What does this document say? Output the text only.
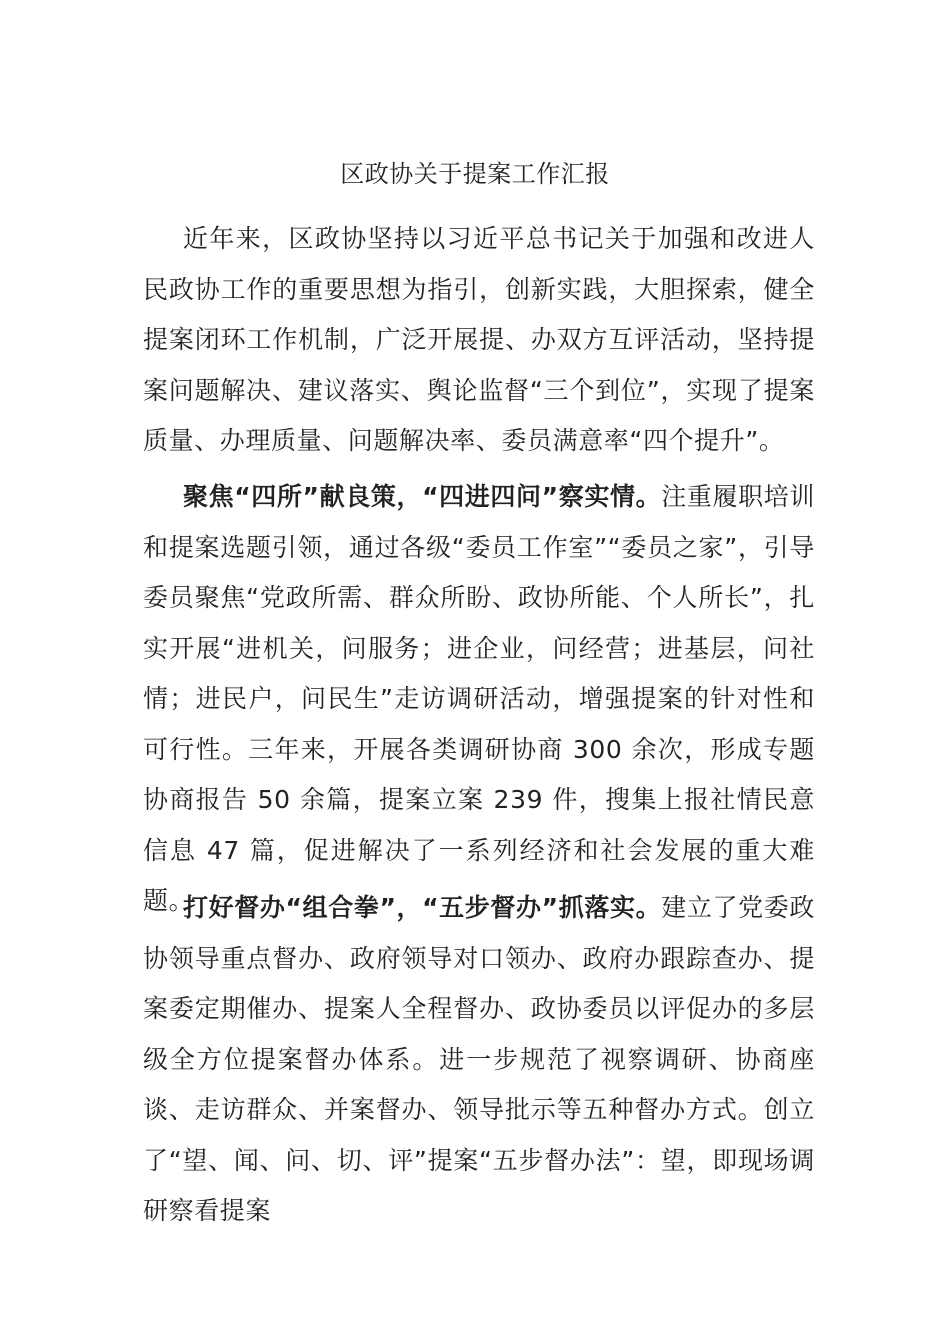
区政协关于提案工作汇报

近年来，区政协坚持以习近平总书记关于加强和改进人民政协工作的重要思想为指引，创新实践，大胆探索，健全提案闭环工作机制，广泛开展提、办双方互评活动，坚持提案问题解决、建议落实、舆论监督“三个到位”，实现了提案质量、办理质量、问题解决率、委员满意率“四个提升”。

聚焦“四所”献良策，“四进四问”察实情。注重履职培训和提案选题引领，通过各级“委员工作室”“委员之家”，引导委员聚焦“党政所需、群众所盼、政协所能、个人所长”，扎实开展“进机关，问服务；进企业，问经营；进基层，问社情；进民户，问民生”走访调研活动，增强提案的针对性和可行性。三年来，开展各类调研协商 300 余次，形成专题协商报告 50 余篇，提案立案 239 件，搜集上报社情民意信息 47 篇，促进解决了一系列经济和社会发展的重大难题。

打好督办“组合拳”，“五步督办”抓落实。建立了党委政协领导重点督办、政府领导对口领办、政府办跟踪查办、提案委定期催办、提案人全程督办、政协委员以评促办的多层级全方位提案督办体系。进一步规范了视察调研、协商座谈、走访群众、并案督办、领导批示等五种督办方式。创立了“望、闻、问、切、评”提案“五步督办法”：望，即现场调研察看提案
